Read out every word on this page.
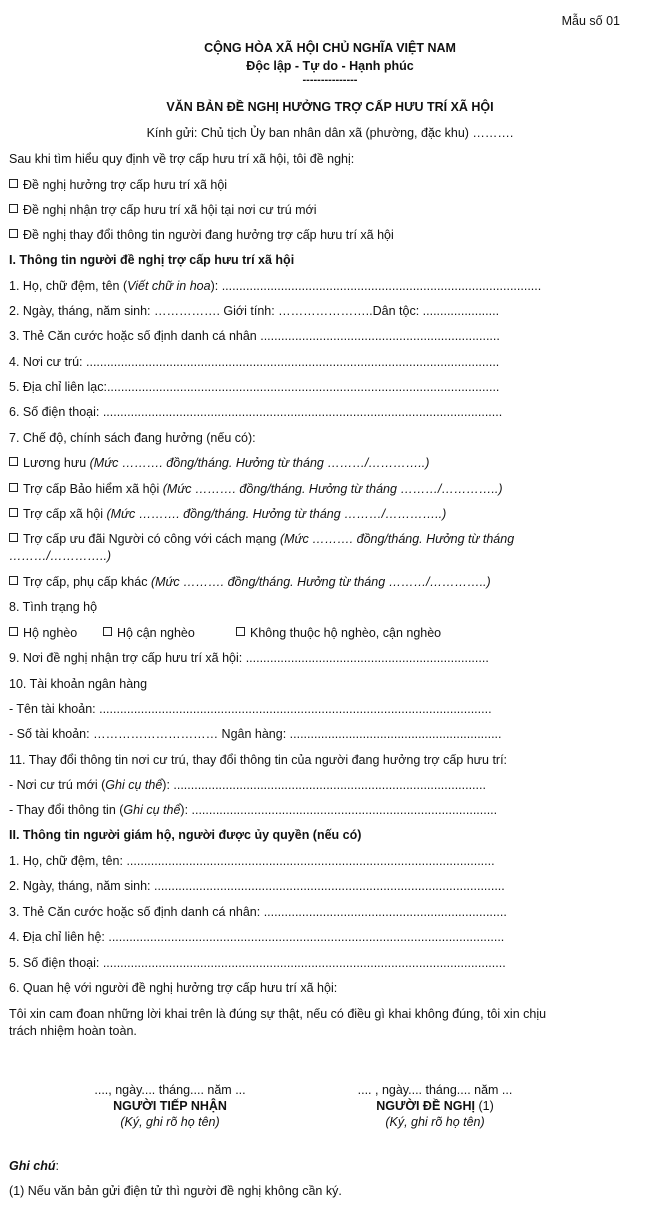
Mẫu số 01
CỘNG HÒA XÃ HỘI CHỦ NGHĨA VIỆT NAM
Độc lập - Tự do - Hạnh phúc
---------------
VĂN BẢN ĐỀ NGHỊ HƯỞNG TRỢ CẤP HƯU TRÍ XÃ HỘI
Kính gửi: Chủ tịch Ủy ban nhân dân xã (phường, đặc khu) ……….
Sau khi tìm hiểu quy định về trợ cấp hưu trí xã hội, tôi đề nghị:
Đề nghị hưởng trợ cấp hưu trí xã hội
Đề nghị nhận trợ cấp hưu trí xã hội tại nơi cư trú mới
Đề nghị thay đổi thông tin người đang hưởng trợ cấp hưu trí xã hội
I. Thông tin người đề nghị trợ cấp hưu trí xã hội
1. Họ, chữ đệm, tên (Viết chữ in hoa): ............................................................................................
2. Ngày, tháng, năm sinh: ……………. Giới tính: …………………..Dân tộc: ......................
3. Thẻ Căn cước hoặc số định danh cá nhân .....................................................................
4. Nơi cư trú: .......................................................................................................................
5. Địa chỉ liên lạc:.................................................................................................................
6. Số điện thoại: ...................................................................................................................
7. Chế độ, chính sách đang hưởng (nếu có):
Lương hưu (Mức ………. đồng/tháng. Hưởng từ tháng ………/…………..)
Trợ cấp Bảo hiểm xã hội (Mức ………. đồng/tháng. Hưởng từ tháng ………/…………..)
Trợ cấp xã hội (Mức ………. đồng/tháng. Hưởng từ tháng ………/…………..)
Trợ cấp ưu đãi Người có công với cách mạng (Mức ………. đồng/tháng. Hưởng từ tháng
………/…………..)
Trợ cấp, phụ cấp khác (Mức ………. đồng/tháng. Hưởng từ tháng ………/…………..)
8. Tình trạng hộ
Hộ nghèo	Hộ cận nghèo	Không thuộc hộ nghèo, cận nghèo
9. Nơi đề nghị nhận trợ cấp hưu trí xã hội: ......................................................................
10. Tài khoản ngân hàng
- Tên tài khoản: .................................................................................................................
- Số tài khoản: ………………………… Ngân hàng: .............................................................
11. Thay đổi thông tin nơi cư trú, thay đổi thông tin của người đang hưởng trợ cấp hưu trí:
- Nơi cư trú mới (Ghi cụ thể): ..........................................................................................
- Thay đổi thông tin (Ghi cụ thể): ........................................................................................
II. Thông tin người giám hộ, người được ủy quyền (nếu có)
1. Họ, chữ đệm, tên: ..........................................................................................................
2. Ngày, tháng, năm sinh: .....................................................................................................
3. Thẻ Căn cước hoặc số định danh cá nhân: ......................................................................
4. Địa chỉ liên hệ: ..................................................................................................................
5. Số điện thoại: ....................................................................................................................
6. Quan hệ với người đề nghị hưởng trợ cấp hưu trí xã hội:
Tôi xin cam đoan những lời khai trên là đúng sự thật, nếu có điều gì khai không đúng, tôi xin chịu
trách nhiệm hoàn toàn.
...., ngày.... tháng.... năm ...
NGƯỜI TIẾP NHẬN
(Ký, ghi rõ họ tên)
.... , ngày.... tháng.... năm ...
NGƯỜI ĐỀ NGHỊ (1)
(Ký, ghi rõ họ tên)
Ghi chú:
(1) Nếu văn bản gửi điện tử thì người đề nghị không cần ký.
